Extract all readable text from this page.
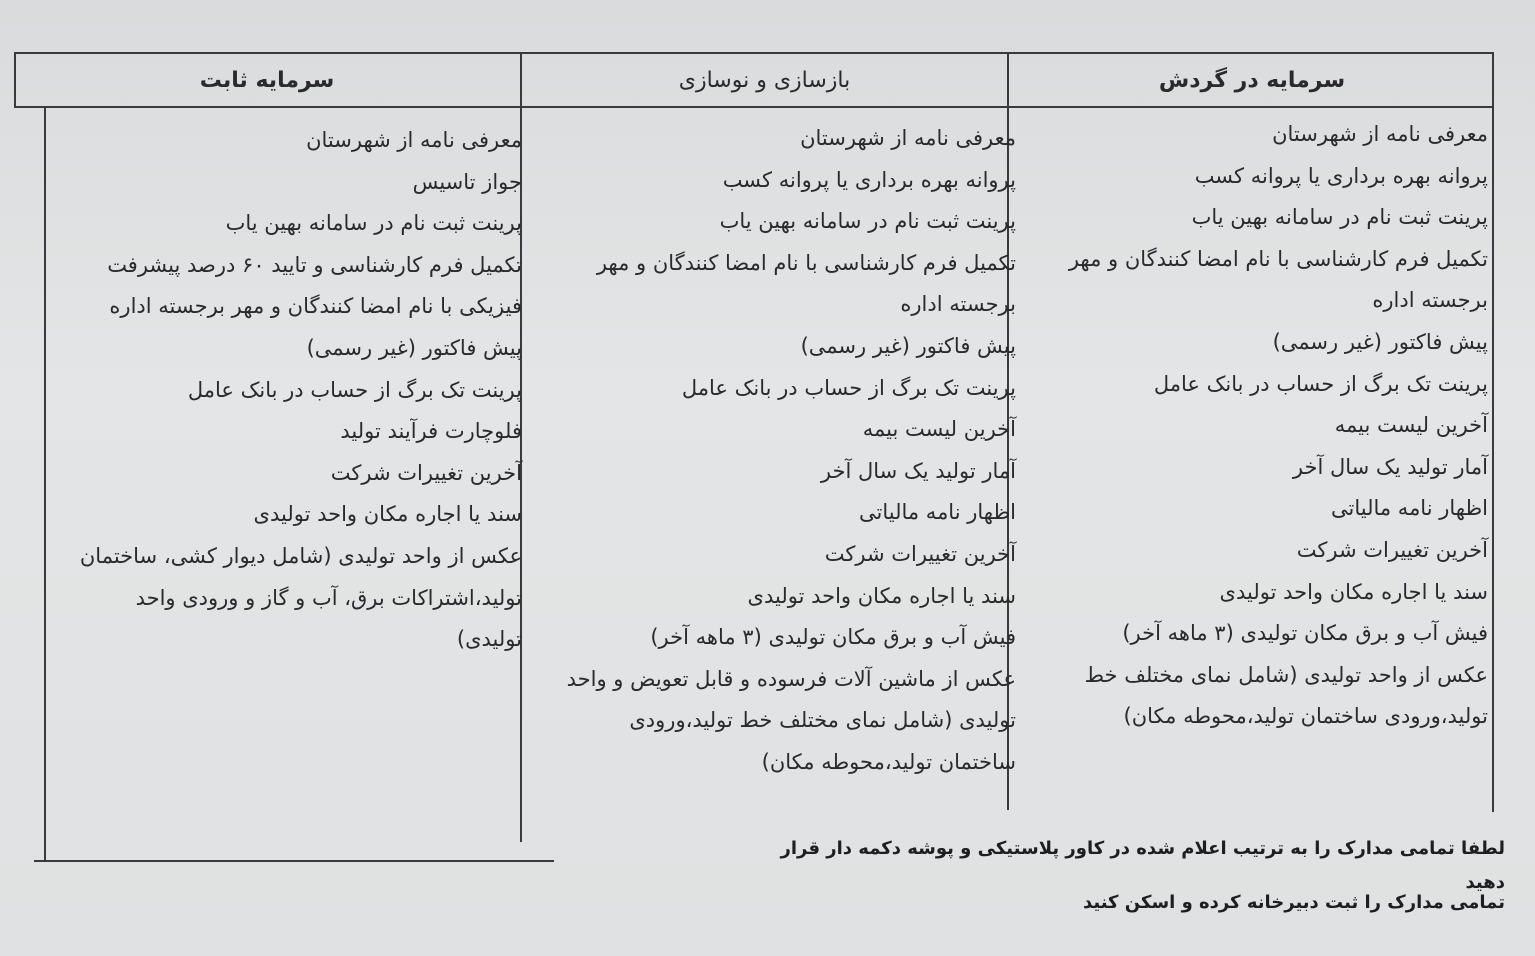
سرمایه در گردش
بازسازی و نوسازی
سرمایه ثابت
معرفی نامه از شهرستان
پروانه بهره برداری یا پروانه کسب
پرینت ثبت نام در سامانه بهین یاب
تکمیل فرم کارشناسی با نام امضا کنندگان و مهر
برجسته اداره
پیش فاکتور (غیر رسمی)
پرینت تک برگ از حساب در بانک عامل
آخرین لیست بیمه
آمار تولید یک سال آخر
اظهار نامه مالیاتی
آخرین تغییرات شرکت
سند یا اجاره مکان واحد تولیدی
فیش آب و برق مکان تولیدی (۳ ماهه آخر)
عکس از واحد تولیدی (شامل نمای مختلف خط
تولید،ورودی ساختمان تولید،محوطه مکان)
معرفی نامه از شهرستان
پروانه بهره برداری یا پروانه کسب
پرینت ثبت نام در سامانه بهین یاب
تکمیل فرم کارشناسی با نام امضا کنندگان و مهر
برجسته اداره
پیش فاکتور (غیر رسمی)
پرینت تک برگ از حساب در بانک عامل
آخرین لیست بیمه
آمار تولید یک سال آخر
اظهار نامه مالیاتی
آخرین تغییرات شرکت
سند یا اجاره مکان واحد تولیدی
فیش آب و برق مکان تولیدی (۳ ماهه آخر)
عکس از ماشین آلات فرسوده و قابل تعویض و واحد
تولیدی (شامل نمای مختلف خط تولید،ورودی
ساختمان تولید،محوطه مکان)
معرفی نامه از شهرستان
جواز تاسیس
پرینت ثبت نام در سامانه بهین یاب
تکمیل فرم کارشناسی و تایید ۶۰ درصد پیشرفت
فیزیکی با نام امضا کنندگان و مهر برجسته اداره
پیش فاکتور (غیر رسمی)
پرینت تک برگ از حساب در بانک عامل
فلوچارت فرآیند تولید
آخرین تغییرات شرکت
سند یا اجاره مکان واحد تولیدی
عکس از واحد تولیدی (شامل دیوار کشی، ساختمان
تولید،اشتراکات برق، آب و گاز و ورودی واحد
تولیدی)
لطفا تمامی مدارک را به ترتیب اعلام شده در کاور پلاستیکی و پوشه دکمه دار قرار دهید
تمامی مدارک را ثبت دبیرخانه کرده و اسکن کنید
